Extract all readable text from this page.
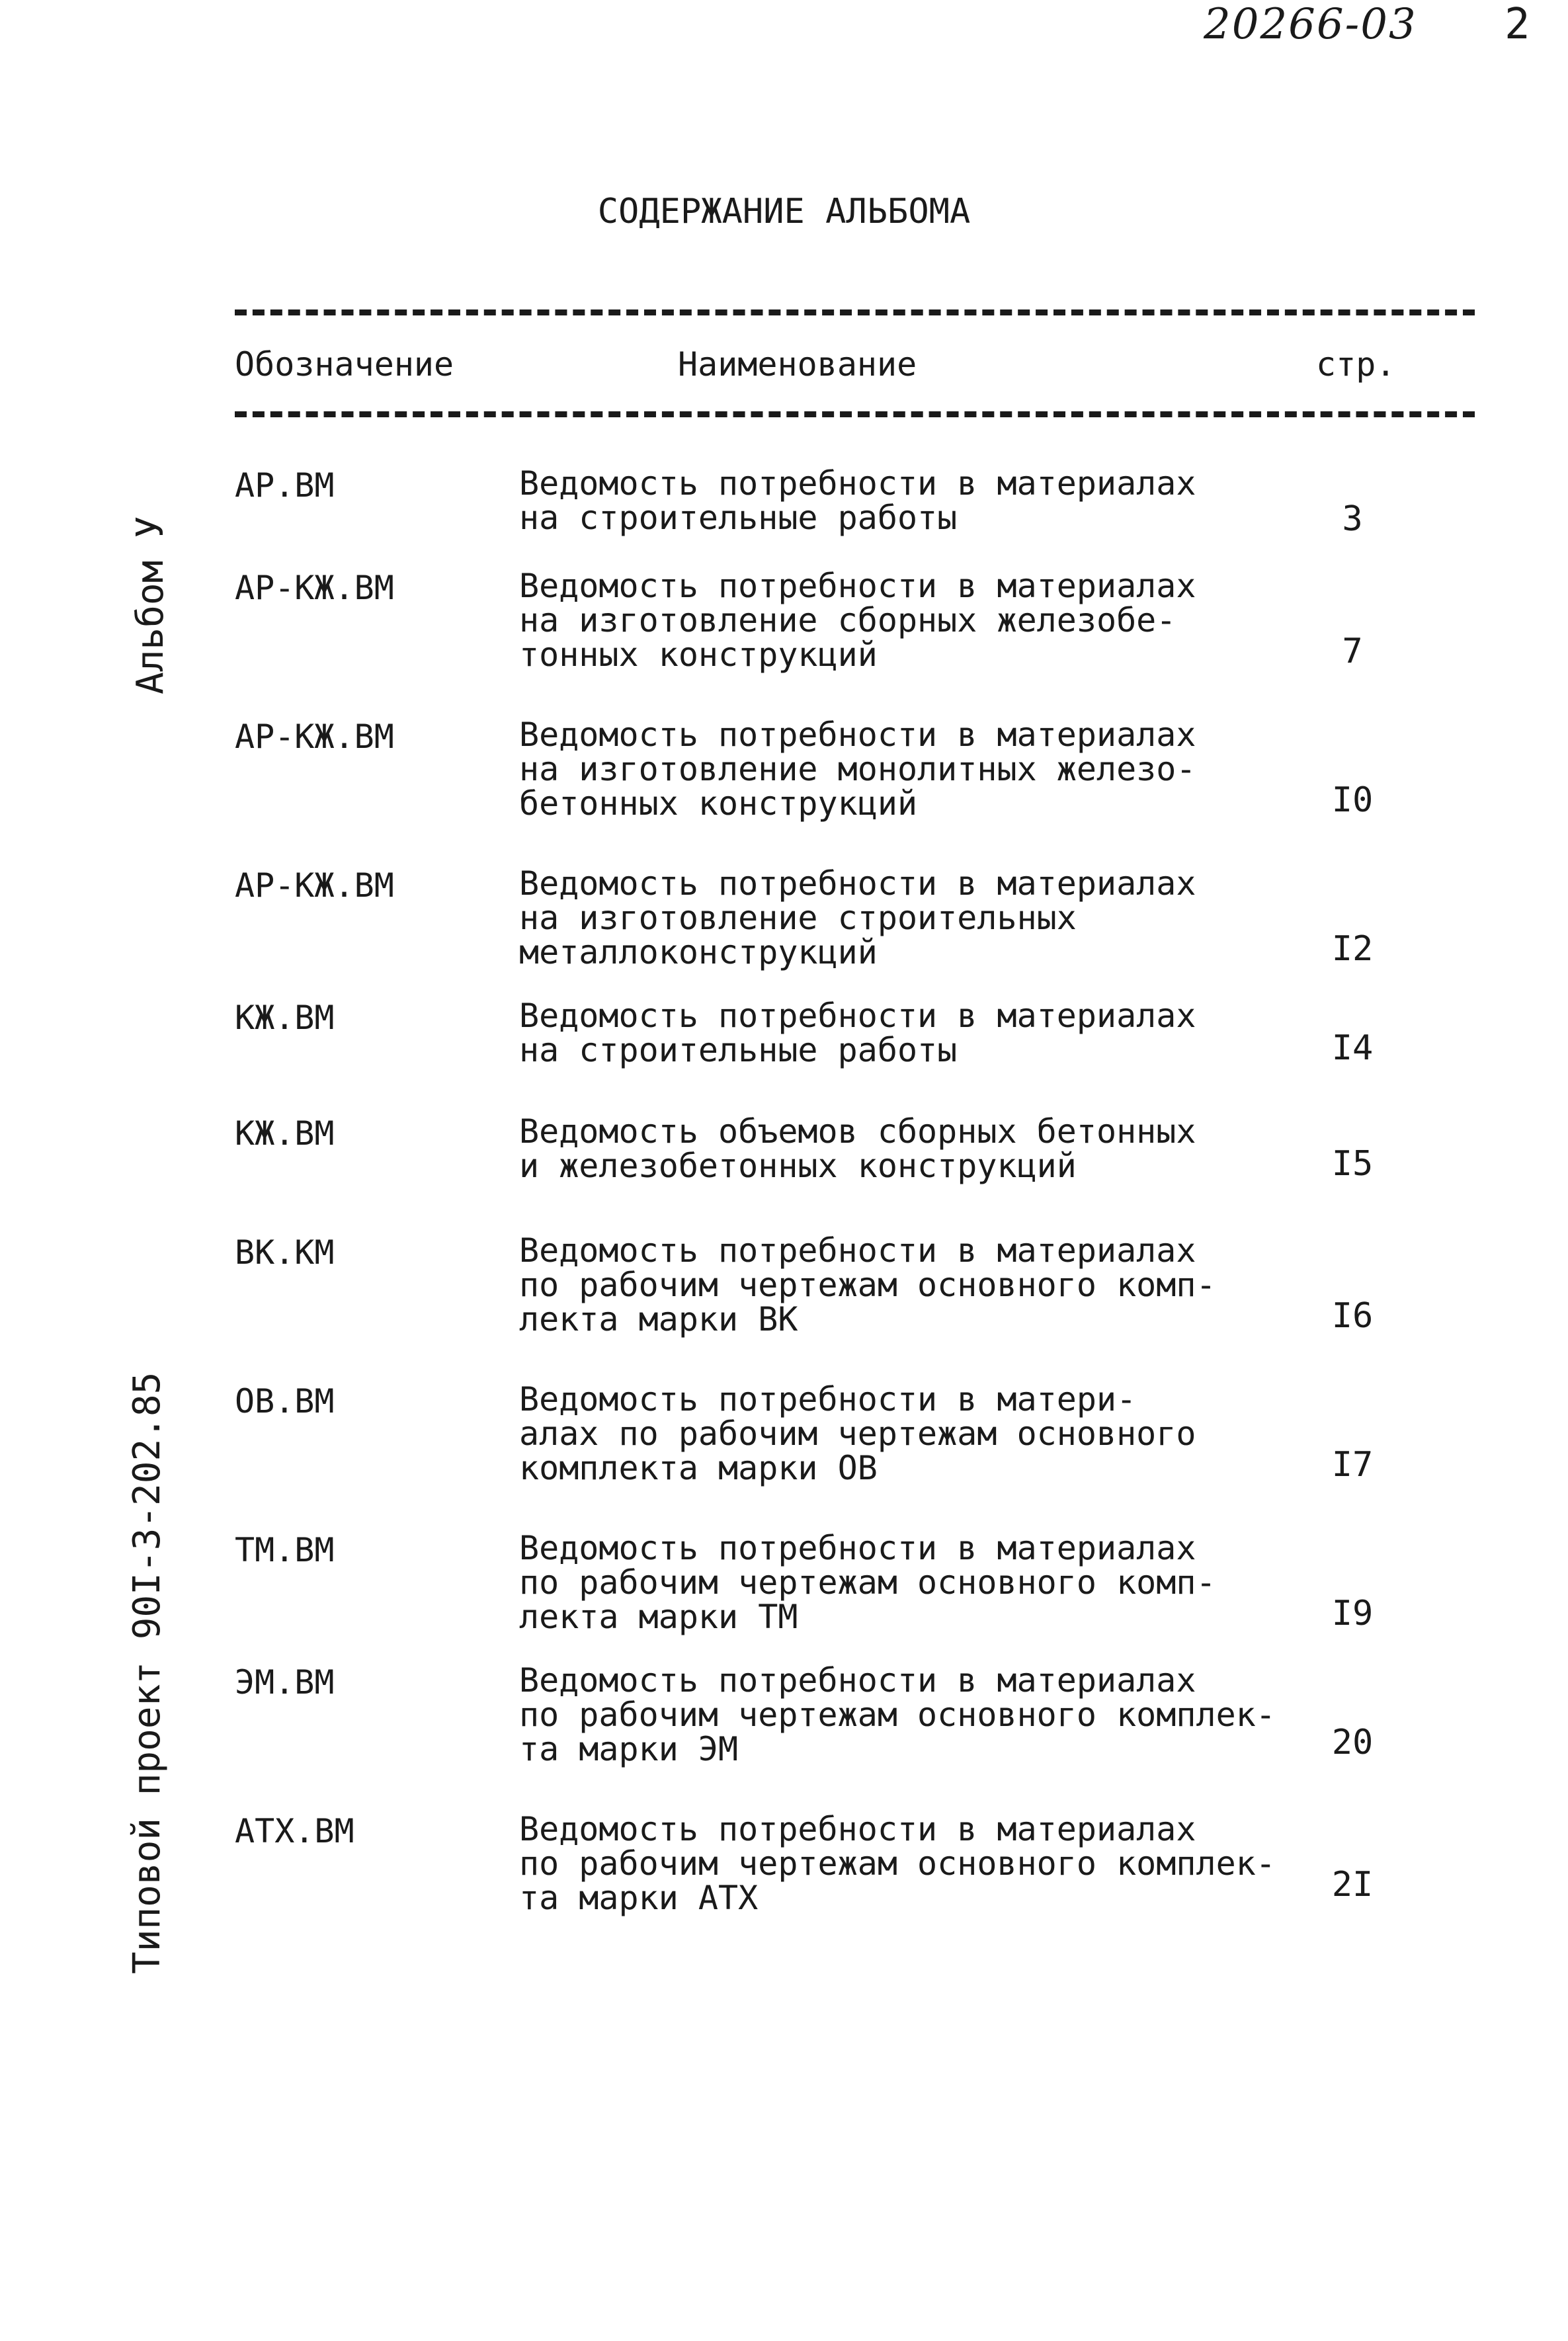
20266-03 2
СОДЕРЖАНИЕ АЛЬБОМА
Альбом У
Типовой проект 90I-3-202.85
Обозначение	Наименование	стр.
АР.ВМ	Ведомость потребности в материалах
на строительные работы	3
АР-КЖ.ВМ	Ведомость потребности в материалах
на изготовление сборных железобе-
тонных конструкций	7
АР-КЖ.ВМ	Ведомость потребности в материалах
на изготовление монолитных железо-
бетонных конструкций	I0
АР-КЖ.ВМ	Ведомость потребности в материалах
на изготовление строительных
металлоконструкций	I2
КЖ.ВМ	Ведомость потребности в материалах
на строительные работы	I4
КЖ.ВМ	Ведомость объемов сборных бетонных
и железобетонных конструкций	I5
ВК.КМ	Ведомость потребности в материалах
по рабочим чертежам основного комп-
лекта марки ВК	I6
ОВ.ВМ	Ведомость потребности в матери-
алах по рабочим чертежам основного
комплекта марки ОВ	I7
ТМ.ВМ	Ведомость потребности в материалах
по рабочим чертежам основного комп-
лекта марки ТМ	I9
ЭМ.ВМ	Ведомость потребности в материалах
по рабочим чертежам основного комплек-
та марки ЭМ	20
АТХ.ВМ	Ведомость потребности в материалах
по рабочим чертежам основного комплек-
та марки АТХ	2I
